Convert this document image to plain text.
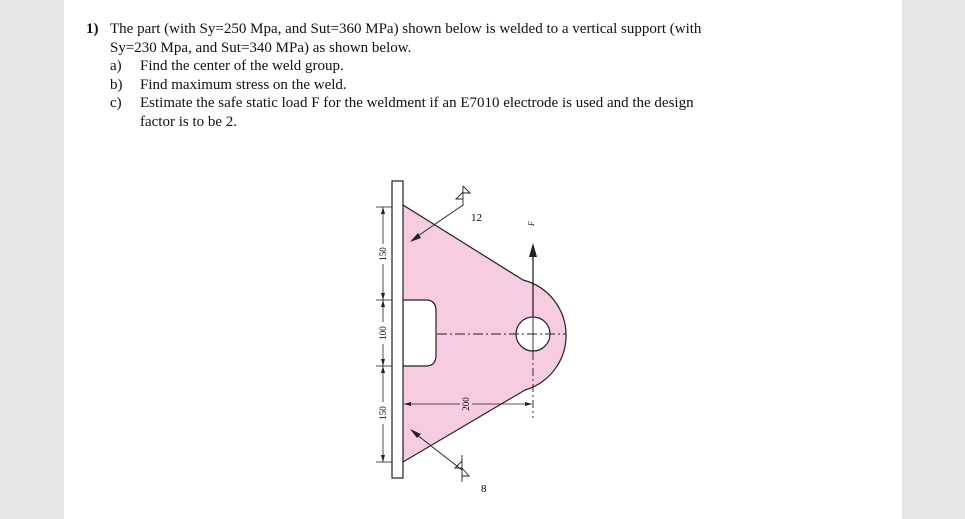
1) The part (with Sy=250 Mpa, and Sut=360 MPa) shown below is welded to a vertical support (with
Sy=230 Mpa, and Sut=340 MPa) as shown below.
a)	Find the center of the weld group.
b)	Find maximum stress on the weld.
c)	Estimate the safe static load F for the weldment if an E7010 electrode is used and the design
factor is to be 2.
F
12
8
150
100
150
200
